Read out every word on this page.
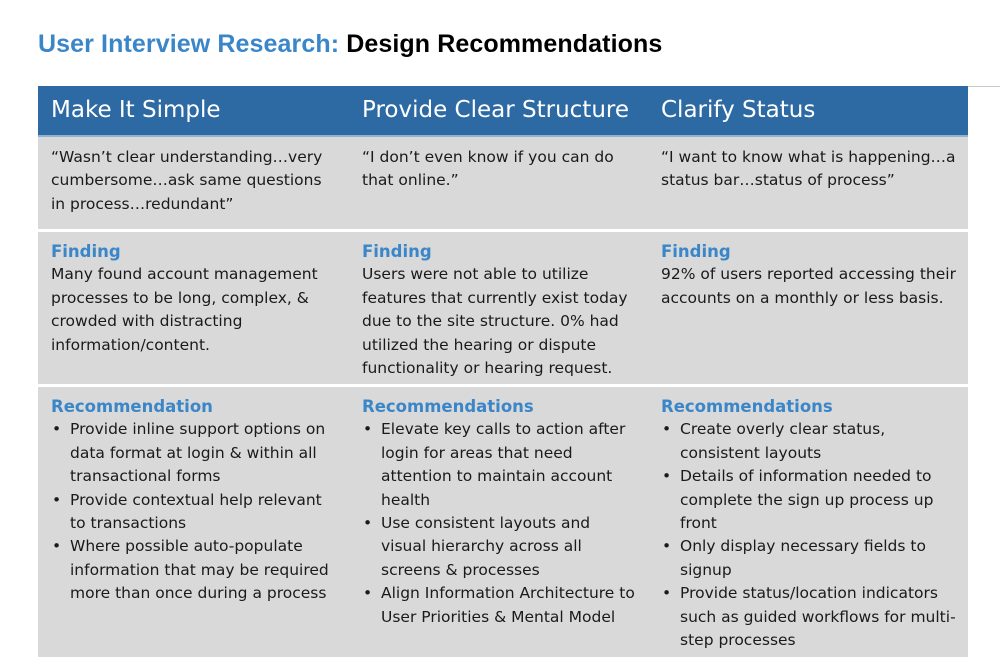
User Interview Research: Design Recommendations
Make It Simple	Provide Clear Structure	Clarify Status
“Wasn’t clear understanding…very cumbersome…ask same questions in process…redundant”
“I don’t even know if you can do that online.”
“I want to know what is happening…a status bar…status of process”
Finding
Many found account management processes to be long, complex, & crowded with distracting information/content.
Finding
Users were not able to utilize features that currently exist today due to the site structure. 0% had utilized the hearing or dispute functionality or hearing request.
Finding
92% of users reported accessing their accounts on a monthly or less basis.
Recommendation
• Provide inline support options on data format at login & within all transactional forms
• Provide contextual help relevant to transactions
• Where possible auto-populate information that may be required more than once during a process
Recommendations
• Elevate key calls to action after login for areas that need attention to maintain account health
• Use consistent layouts and visual hierarchy across all screens & processes
• Align Information Architecture to User Priorities & Mental Model
Recommendations
• Create overly clear status, consistent layouts
• Details of information needed to complete the sign up process up front
• Only display necessary fields to signup
• Provide status/location indicators such as guided workflows for multi-step processes
